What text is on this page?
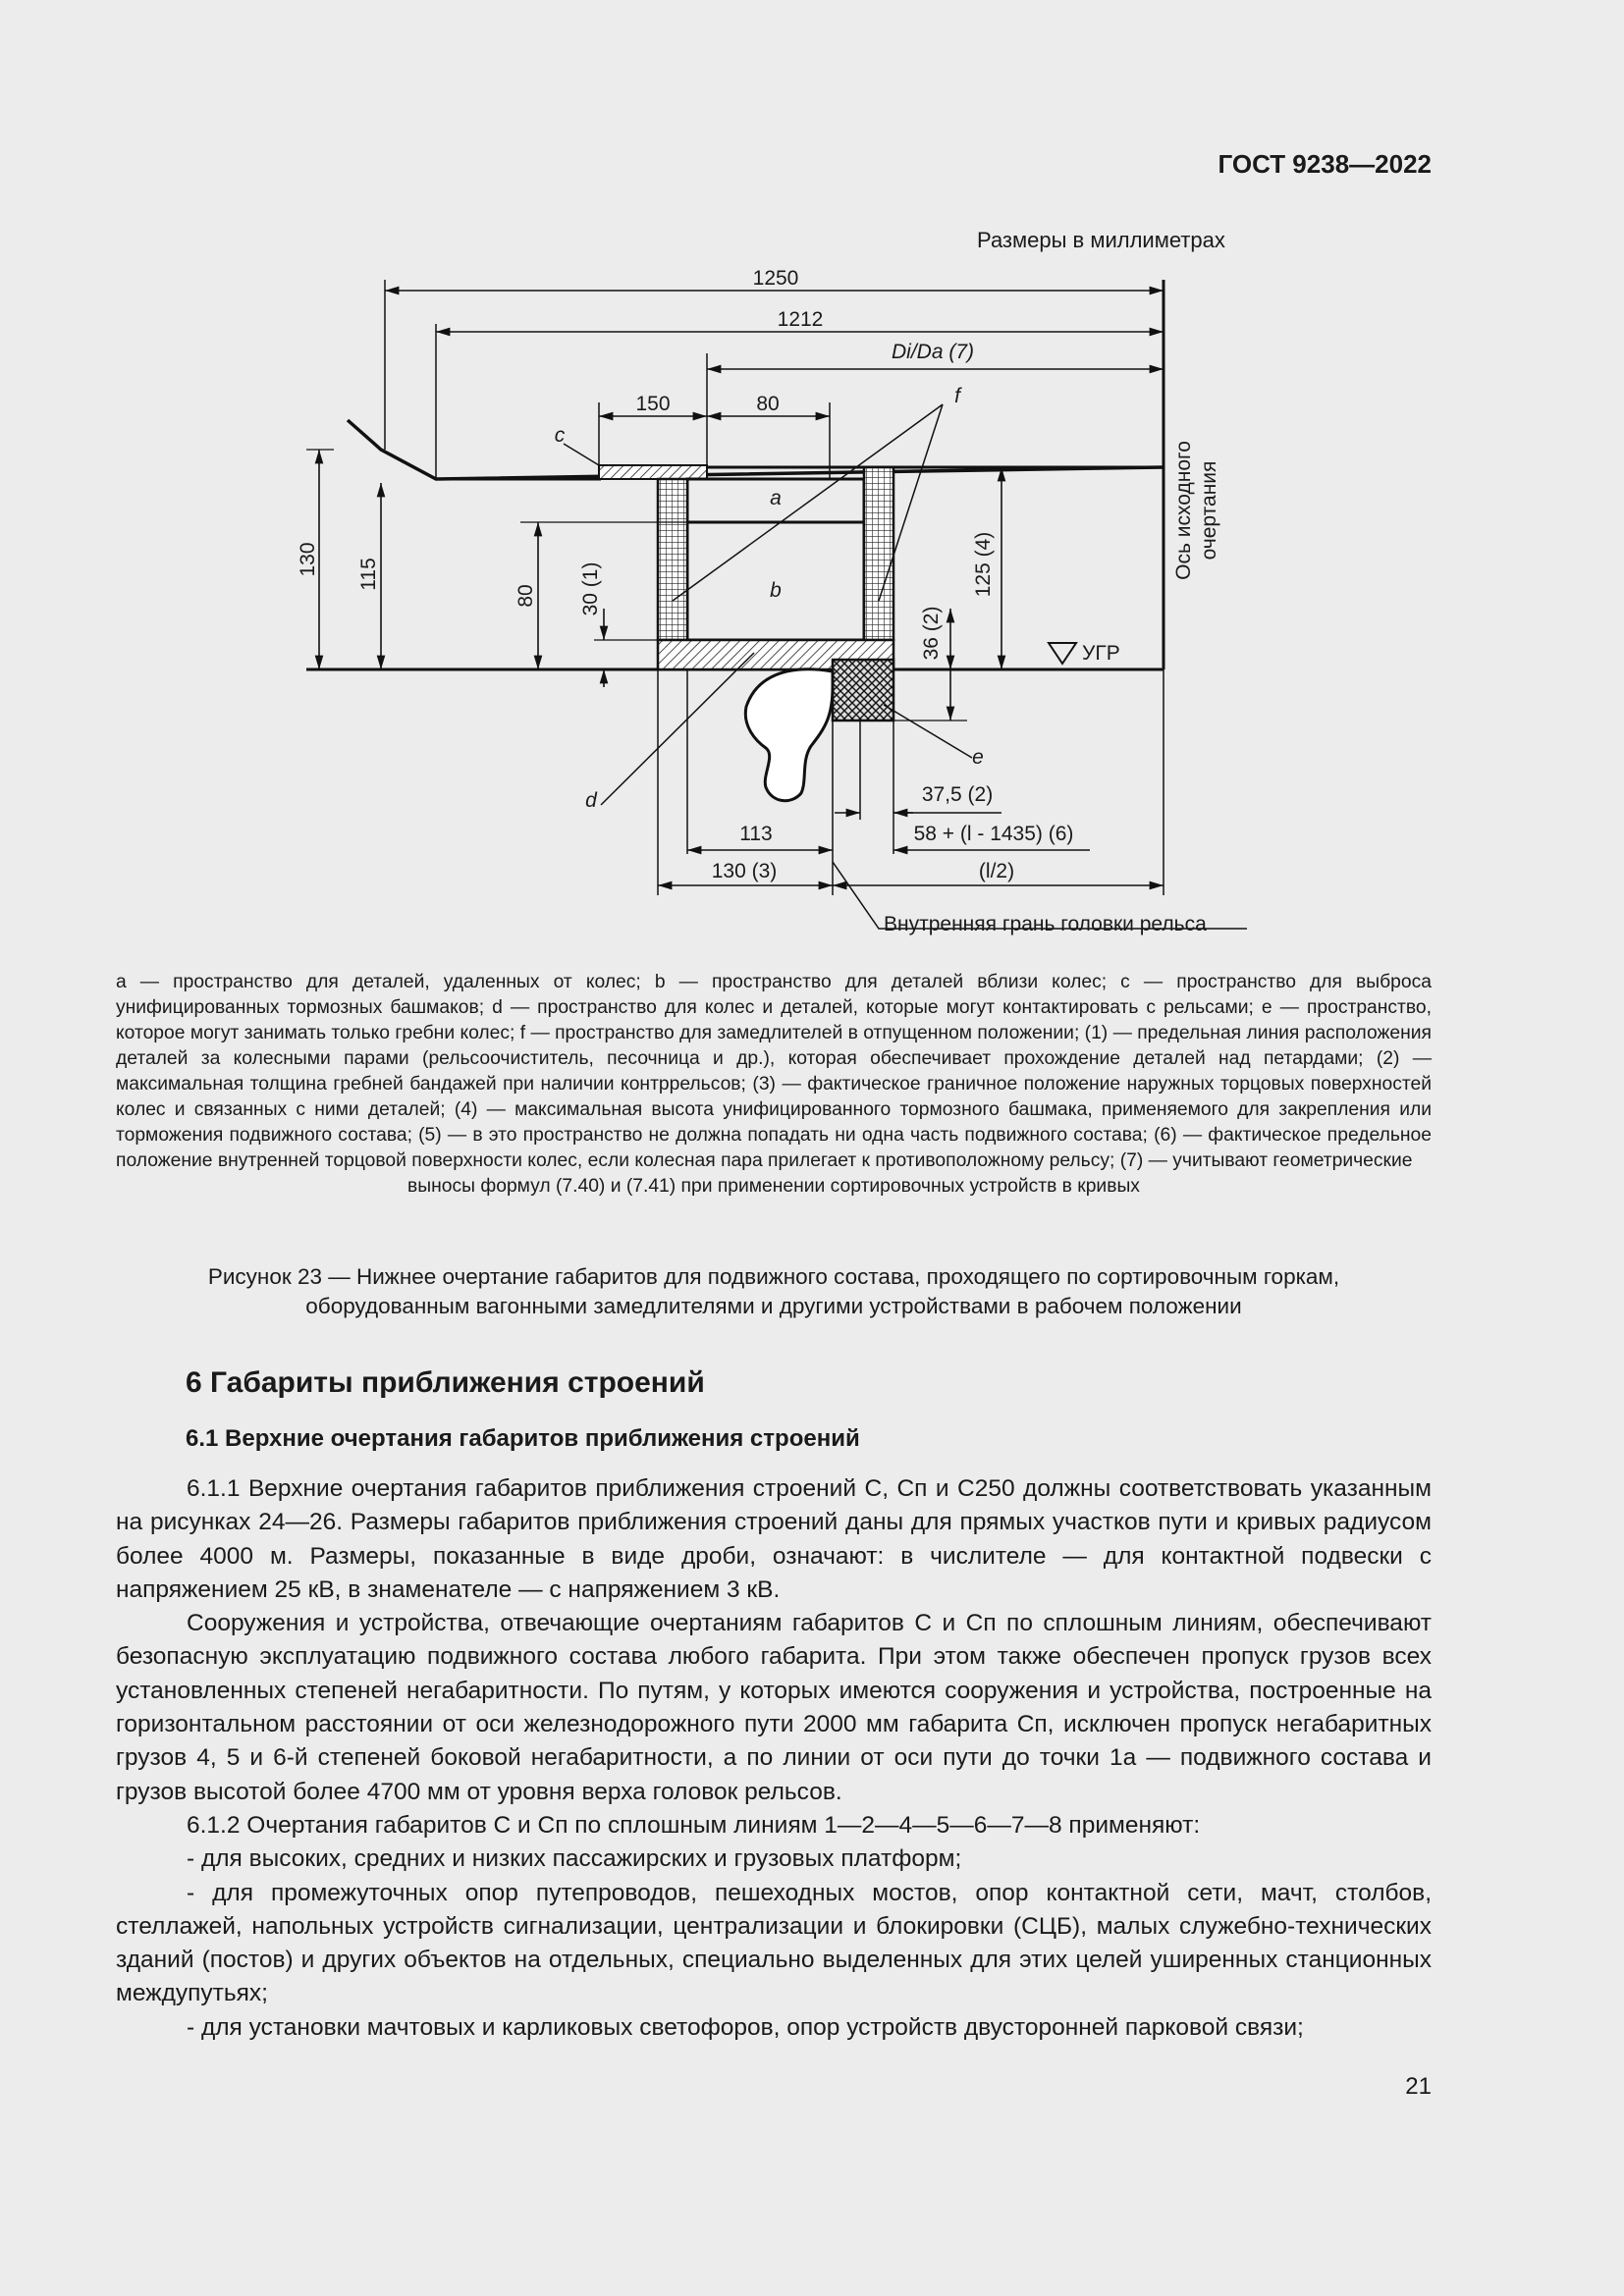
ГОСТ 9238—2022
Размеры в миллиметрах
1250
1212
Di/Da (7)
150	80
130 115
80 30 (1)	125 (4)
36 (2)
37,5 (2)
113	58 + (l - 1435) (6)
130 (3)	(l/2)
a
b
c
d
e
f
УГР
Ось исходного очертания
Внутренняя грань головки рельса
a — пространство для деталей, удаленных от колес; b — пространство для деталей вблизи колес; c — пространство для выброса унифицированных тормозных башмаков; d — пространство для колес и деталей, которые могут контактировать с рельсами; e — пространство, которое могут занимать только гребни колес; f — пространство для замедлителей в отпущенном положении; (1) — предельная линия расположения деталей за колесными парами (рельсоочиститель, песочница и др.), которая обеспечивает прохождение деталей над петардами; (2) — максимальная толщина гребней бандажей при наличии контррельсов; (3) — фактическое граничное положение наружных торцовых поверхностей колес и связанных с ними деталей; (4) — максимальная высота унифицированного тормозного башмака, применяемого для закрепления или торможения подвижного состава; (5) — в это пространство не должна попадать ни одна часть подвижного состава; (6) — фактическое предельное положение внутренней торцовой поверхности колес, если колесная пара прилегает к противоположному рельсу; (7) — учитывают геометрические
выносы формул (7.40) и (7.41) при применении сортировочных устройств в кривых
Рисунок 23 — Нижнее очертание габаритов для подвижного состава, проходящего по сортировочным горкам,
оборудованным вагонными замедлителями и другими устройствами в рабочем положении
6 Габариты приближения строений
6.1 Верхние очертания габаритов приближения строений

6.1.1 Верхние очертания габаритов приближения строений С, Сп и С250 должны соответствовать указанным на рисунках 24—26. Размеры габаритов приближения строений даны для прямых участков пути и кривых радиусом более 4000 м. Размеры, показанные в виде дроби, означают: в числителе — для контактной подвески с напряжением 25 кВ, в знаменателе — с напряжением 3 кВ.

Сооружения и устройства, отвечающие очертаниям габаритов С и Сп по сплошным линиям, обеспечивают безопасную эксплуатацию подвижного состава любого габарита. При этом также обеспечен пропуск грузов всех установленных степеней негабаритности. По путям, у которых имеются сооружения и устройства, построенные на горизонтальном расстоянии от оси железнодорожного пути 2000 мм габарита Сп, исключен пропуск негабаритных грузов 4, 5 и 6-й степеней боковой негабаритности, а по линии от оси пути до точки 1а — подвижного состава и грузов высотой более 4700 мм от уровня верха головок рельсов.

6.1.2 Очертания габаритов С и Сп по сплошным линиям 1—2—4—5—6—7—8 применяют:

- для высоких, средних и низких пассажирских и грузовых платформ;

- для промежуточных опор путепроводов, пешеходных мостов, опор контактной сети, мачт, столбов, стеллажей, напольных устройств сигнализации, централизации и блокировки (СЦБ), малых служебно-технических зданий (постов) и других объектов на отдельных, специально выделенных для этих целей уширенных станционных междупутьях;

- для установки мачтовых и карликовых светофоров, опор устройств двусторонней парковой связи;

21
